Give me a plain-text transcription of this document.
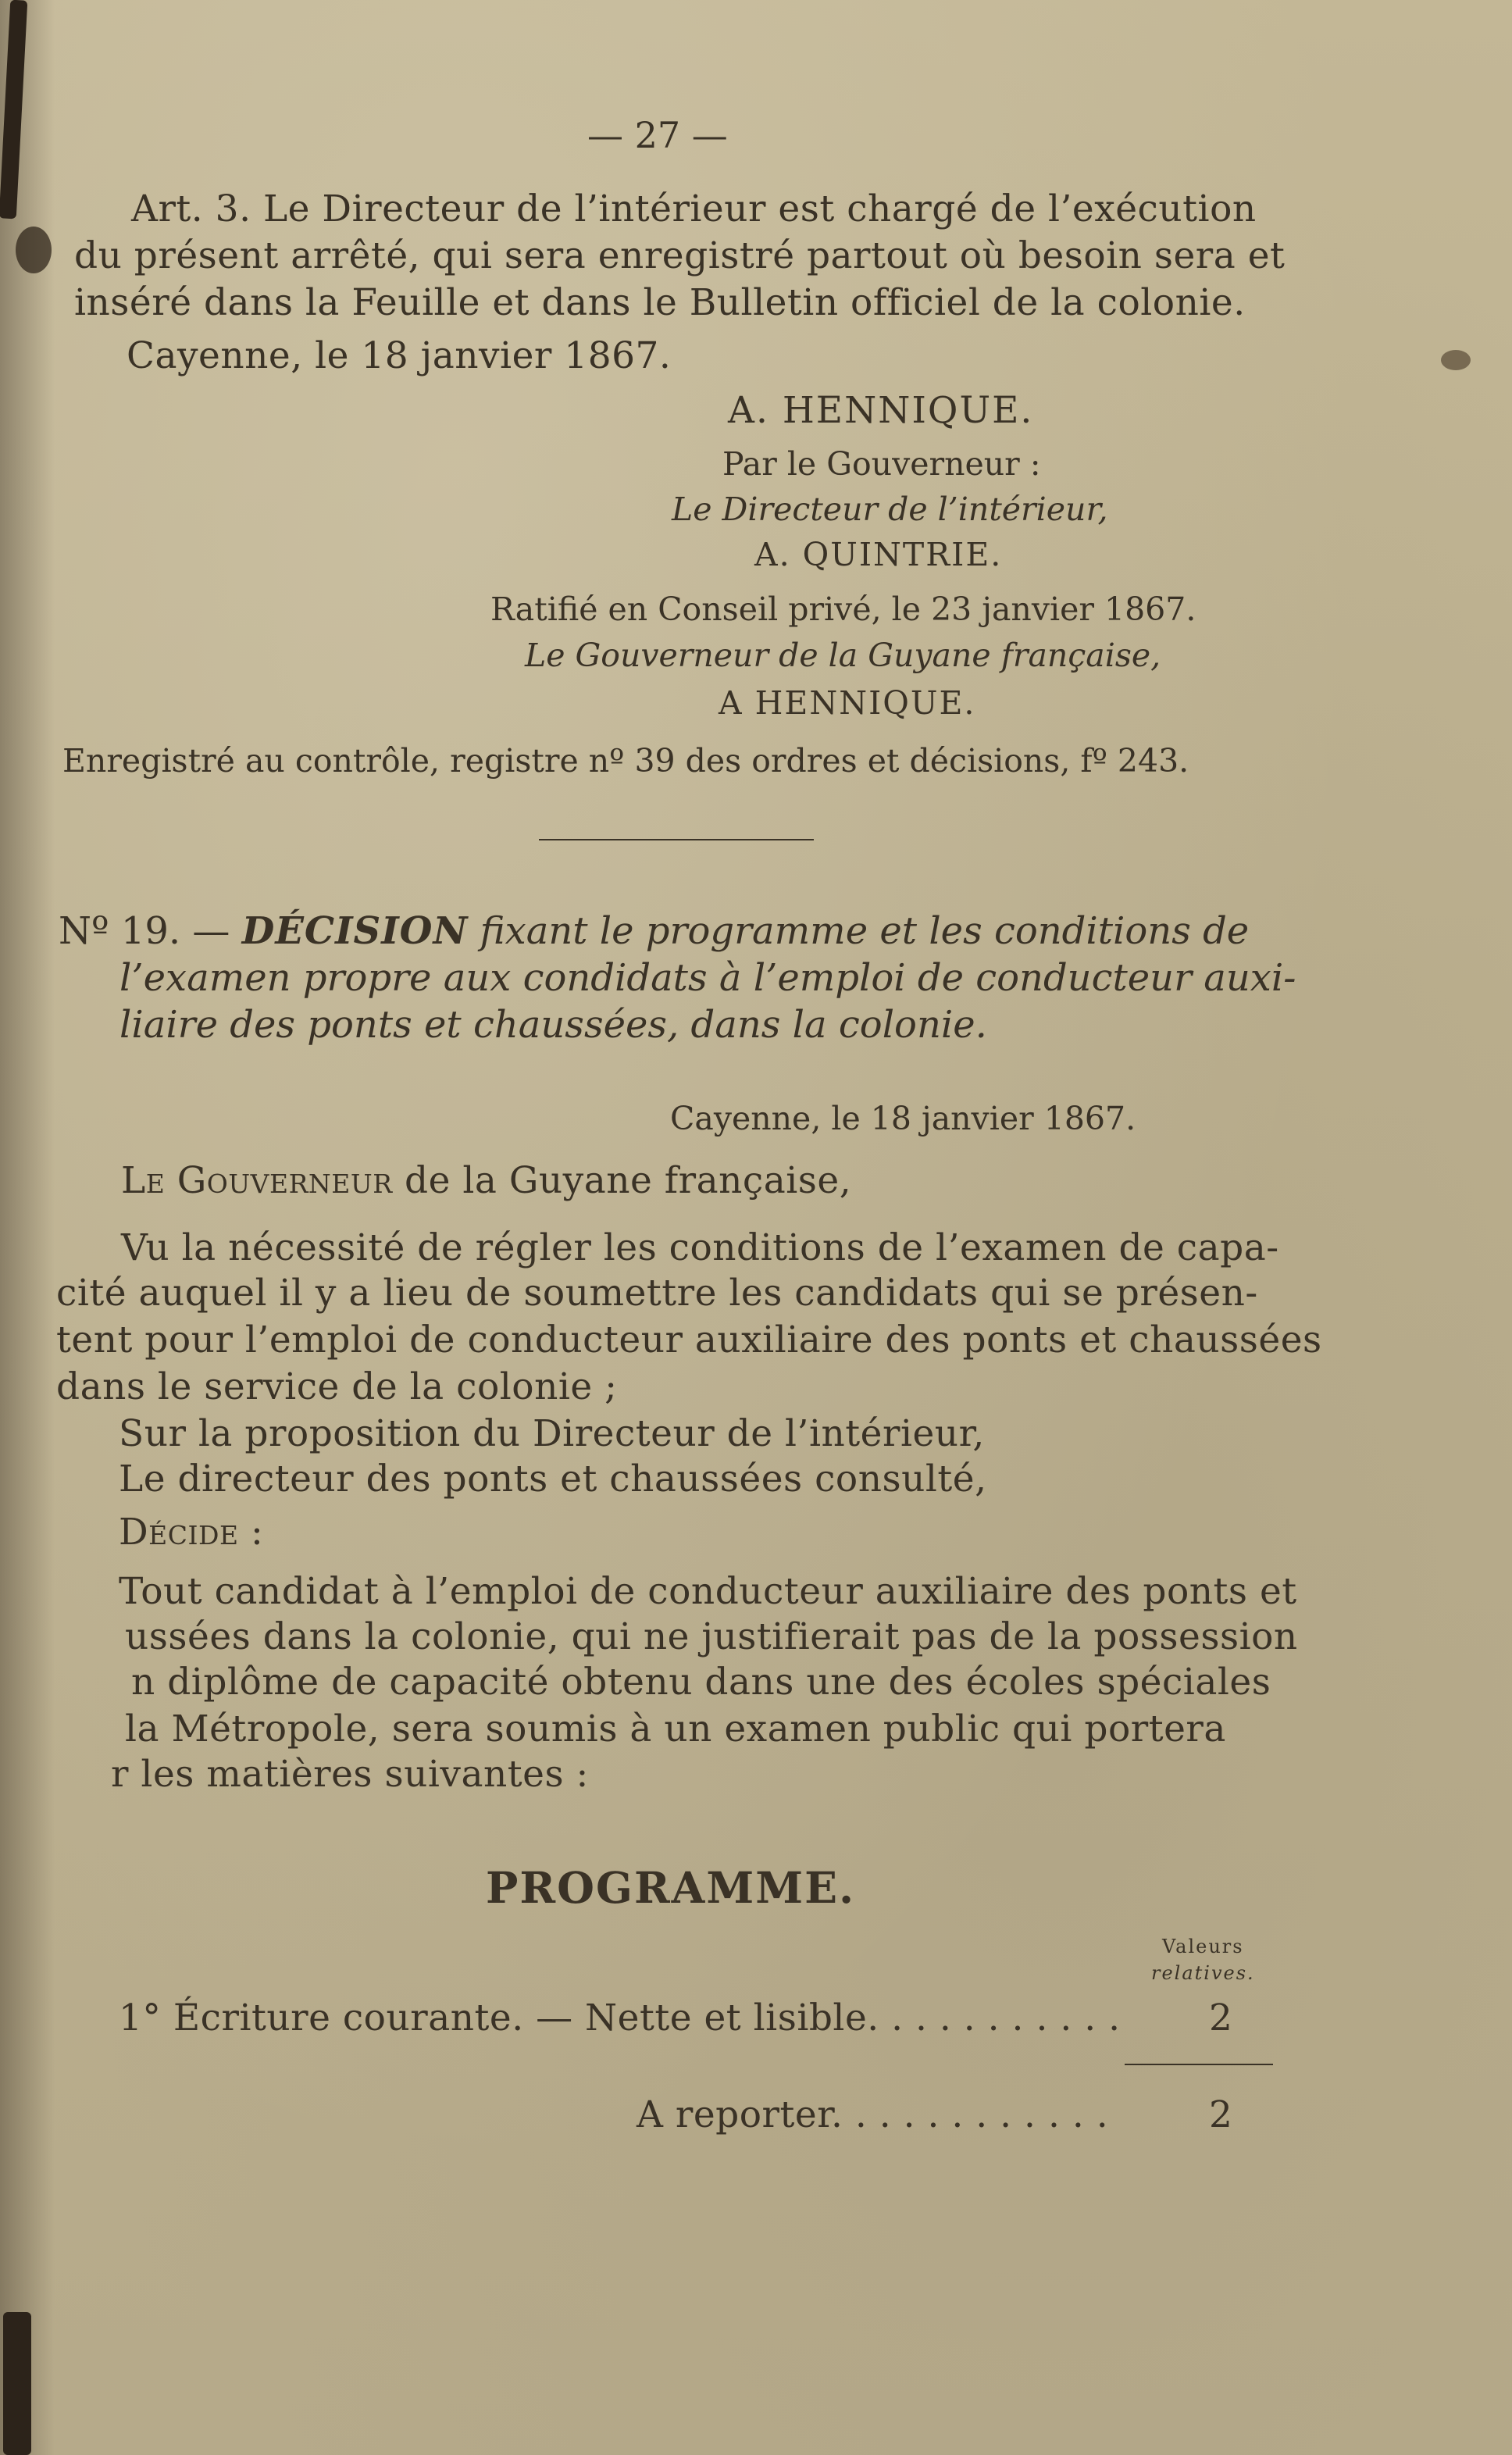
— 27 —
Art. 3. Le Directeur de l’intérieur est chargé de l’exécution
du présent arrêté, qui sera enregistré partout où besoin sera et
inséré dans la Feuille et dans le Bulletin officiel de la colonie.
Cayenne, le 18 janvier 1867.
A. HENNIQUE.
Par le Gouverneur :
Le Directeur de l’intérieur,
A. QUINTRIE.
Ratifié en Conseil privé, le 23 janvier 1867.
Le Gouverneur de la Guyane française,
A HENNIQUE.
Enregistré au contrôle, registre nº 39 des ordres et décisions, fº 243.
Nº 19. — DÉCISION fixant le programme et les conditions de
l’examen propre aux condidats à l’emploi de conducteur auxi-
liaire des ponts et chaussées, dans la colonie.
Cayenne, le 18 janvier 1867.
Le Gouverneur de la Guyane française,
Vu la nécessité de régler les conditions de l’examen de capa-
cité auquel il y a lieu de soumettre les candidats qui se présen-
tent pour l’emploi de conducteur auxiliaire des ponts et chaussées
dans le service de la colonie ;
Sur la proposition du Directeur de l’intérieur,
Le directeur des ponts et chaussées consulté,
Décide :
Tout candidat à l’emploi de conducteur auxiliaire des ponts et
ussées dans la colonie, qui ne justifierait pas de la possession
n diplôme de capacité obtenu dans une des écoles spéciales
la Métropole, sera soumis à un examen public qui portera
r les matières suivantes :
PROGRAMME.
Valeurs
relatives.
1° Écriture courante. — Nette et lisible. . . . . . . . . . . 2
A reporter. . . . . . . . . . . .	2
